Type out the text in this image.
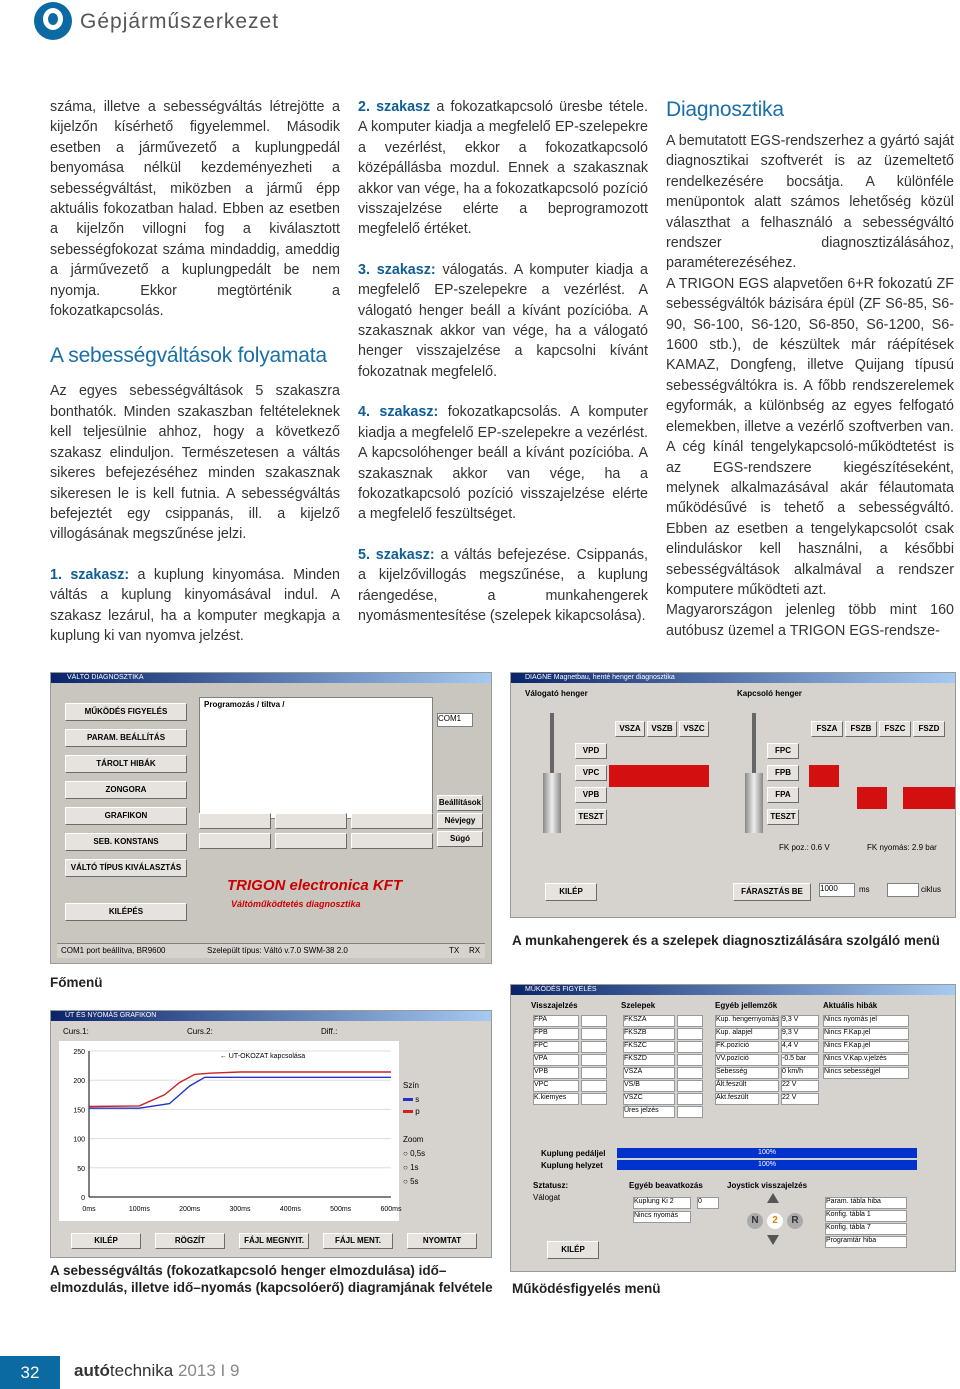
Gépjárműszerkezet

száma, illetve a sebességváltás létrejötte a kijelzőn kísérhető figyelemmel. Második esetben a járművezető a kuplungpedál benyomása nélkül kezdeményezheti a sebességváltást, miközben a jármű épp aktuális fokozatban halad. Ebben az esetben a kijelzőn villogni fog a kiválasztott sebességfokozat száma mindaddig, ameddig a járművezető a kuplungpedált be nem nyomja. Ekkor megtörténik a fokozatkapcsolás.

A sebességváltások folyamata

Az egyes sebességváltások 5 szakaszra bonthatók. Minden szakaszban feltételeknek kell teljesülnie ahhoz, hogy a következő szakasz elinduljon. Természetesen a váltás sikeres befejezéséhez minden szakasznak sikeresen le is kell futnia. A sebességváltás befejeztét egy csippanás, ill. a kijelző villogásának megszűnése jelzi.

1. szakasz: a kuplung kinyomása. Minden váltás a kuplung kinyomásával indul. A szakasz lezárul, ha a komputer megkapja a kuplung ki van nyomva jelzést.

2. szakasz a fokozatkapcsoló üresbe tétele. A komputer kiadja a megfelelő EP-szelepekre a vezérlést, ekkor a fokozatkapcsoló középállásba mozdul. Ennek a szakasznak akkor van vége, ha a fokozatkapcsoló pozíció visszajelzése elérte a beprogramozott megfelelő értéket.

3. szakasz: válogatás. A komputer kiadja a megfelelő EP-szelepekre a vezérlést. A válogató henger beáll a kívánt pozícióba. A szakasznak akkor van vége, ha a válogató henger visszajelzése a kapcsolni kívánt fokozatnak megfelelő.

4. szakasz: fokozatkapcsolás. A komputer kiadja a megfelelő EP-szelepekre a vezérlést. A kapcsolóhenger beáll a kívánt pozícióba. A szakasznak akkor van vége, ha a fokozatkapcsoló pozíció visszajelzése elérte a megfelelő feszültséget.

5. szakasz: a váltás befejezése. Csippanás, a kijelzővillogás megszűnése, a kuplung ráengedése, a munkahengerek nyomásmentesítése (szelepek kikapcsolása).

Diagnosztika

A bemutatott EGS-rendszerhez a gyártó saját diagnosztikai szoftverét is az üzemeltető rendelkezésére bocsátja. A különféle menüpontok alatt számos lehetőség közül választhat a felhasználó a sebességváltó rendszer diagnosztizálásához, paraméterezéséhez.

A TRIGON EGS alapvetően 6+R fokozatú ZF sebességváltók bázisára épül (ZF S6-85, S6-90, S6-100, S6-120, S6-850, S6-1200, S6-1600 stb.), de készültek már ráépítések KAMAZ, Dongfeng, illetve Quijang típusú sebességváltókra is. A főbb rendszerelemek egyformák, a különbség az egyes felfogató elemekben, illetve a vezérlő szoftverben van. A cég kínál tengelykapcsoló-működtetést is az EGS-rendszere kiegészítéseként, melynek alkalmazásával akár félautomata működésűvé is tehető a sebességváltó. Ebben az esetben a tengelykapcsolót csak elinduláskor kell használni, a későbbi sebességváltások alkalmával a rendszer komputere működteti azt.

Magyarországon jelenleg több mint 160 autóbusz üzemel a TRIGON EGS-rendsze-

VÁLTÓ DIAGNOSZTIKA
MŰKÖDÉS FIGYELÉS
PARAM. BEÁLLÍTÁS
TÁROLT HIBÁK
ZONGORA
GRAFIKON
SEB. KONSTANS
VÁLTÓ TÍPUS KIVÁLASZTÁS
KILÉPÉS
Programozás / tiltva /
COM1
Beállítások
Névjegy
Súgó
TRIGON electronica KFT
Váltóműködtetés diagnosztika
COM1 port beállítva, BR9600	Szelepült típus: Váltó v.7.0 SWM-38 2.0	TX RX
Főmenü
DIAGNE Magnetbau, henté henger diagnosztika
Válogató henger	Kapcsoló henger
VSZA	VSZB	VSZC	FSZA	FSZB	FSZC	FSZD
VPD
VPC
VPB
TESZT
FPC
FPB
FPA
TESZT
FK poz.: 0.6 V	FK nyomás: 2.9 bar
KILÉP	FÁRASZTÁS BE	1000	ms	ciklus
A munkahengerek és a szelepek diagnosztizálására szolgáló menü
ÚT ÉS NYOMÁS GRAFIKON
Curs.1:	Curs.2:	Diff.:
250
200
150
100
50
0
0ms	100ms	200ms	300ms	400ms	500ms	600ms
← UT-OKOZAT kapcsolása
Szín
s
p
Zoom
○ 0,5s
○ 1s
○ 5s
KILÉP	RÖGZÍT	FÁJL MEGNYIT.	FÁJL MENT.	NYOMTAT
A sebességváltás (fokozatkapcsoló henger elmozdulása) idő–elmozdulás, illetve idő–nyomás (kapcsolóerő) diagramjának felvétele
MŰKÖDÉS FIGYELÉS
Visszajelzés	Szelepek	Egyéb jellemzők	Aktuális hibák
FPA
FPB
FPC
VPA
VPB
VPC
K.kiemyes
FKSZA
FKSZB
FKSZC
FKSZD
VSZA
VS/B
VSZC
Üres jelzés
Kup. hengernyomás 9,3 V
Kup. alapjel	9,3 V
FK.pozíció	4,4 V
VV.pozíció	-0.5 bar
Sebesség	0 km/h
Ált.feszült	22 V
Akt.feszült	22 V
Nincs nyomás jel
Nincs F.Kap.jel
Nincs F.Kap.jel
Nincs V.Kap.v.jelzés
Nincs sebességjel
Kuplung pedáljel
Kuplung helyzet
100%
100%
Sztatusz:
Válogat
Egyéb beavatkozás
Kuplung Ki 2
Nincs nyomás
0
Joystick visszajelzés
N	2	R
Param. tábla hiba
Konfig. tábla 1
Konfig. tábla 7
Programtár hiba
KILÉP
Működésfigyelés menü
32	autótechnika 2013 I 9
